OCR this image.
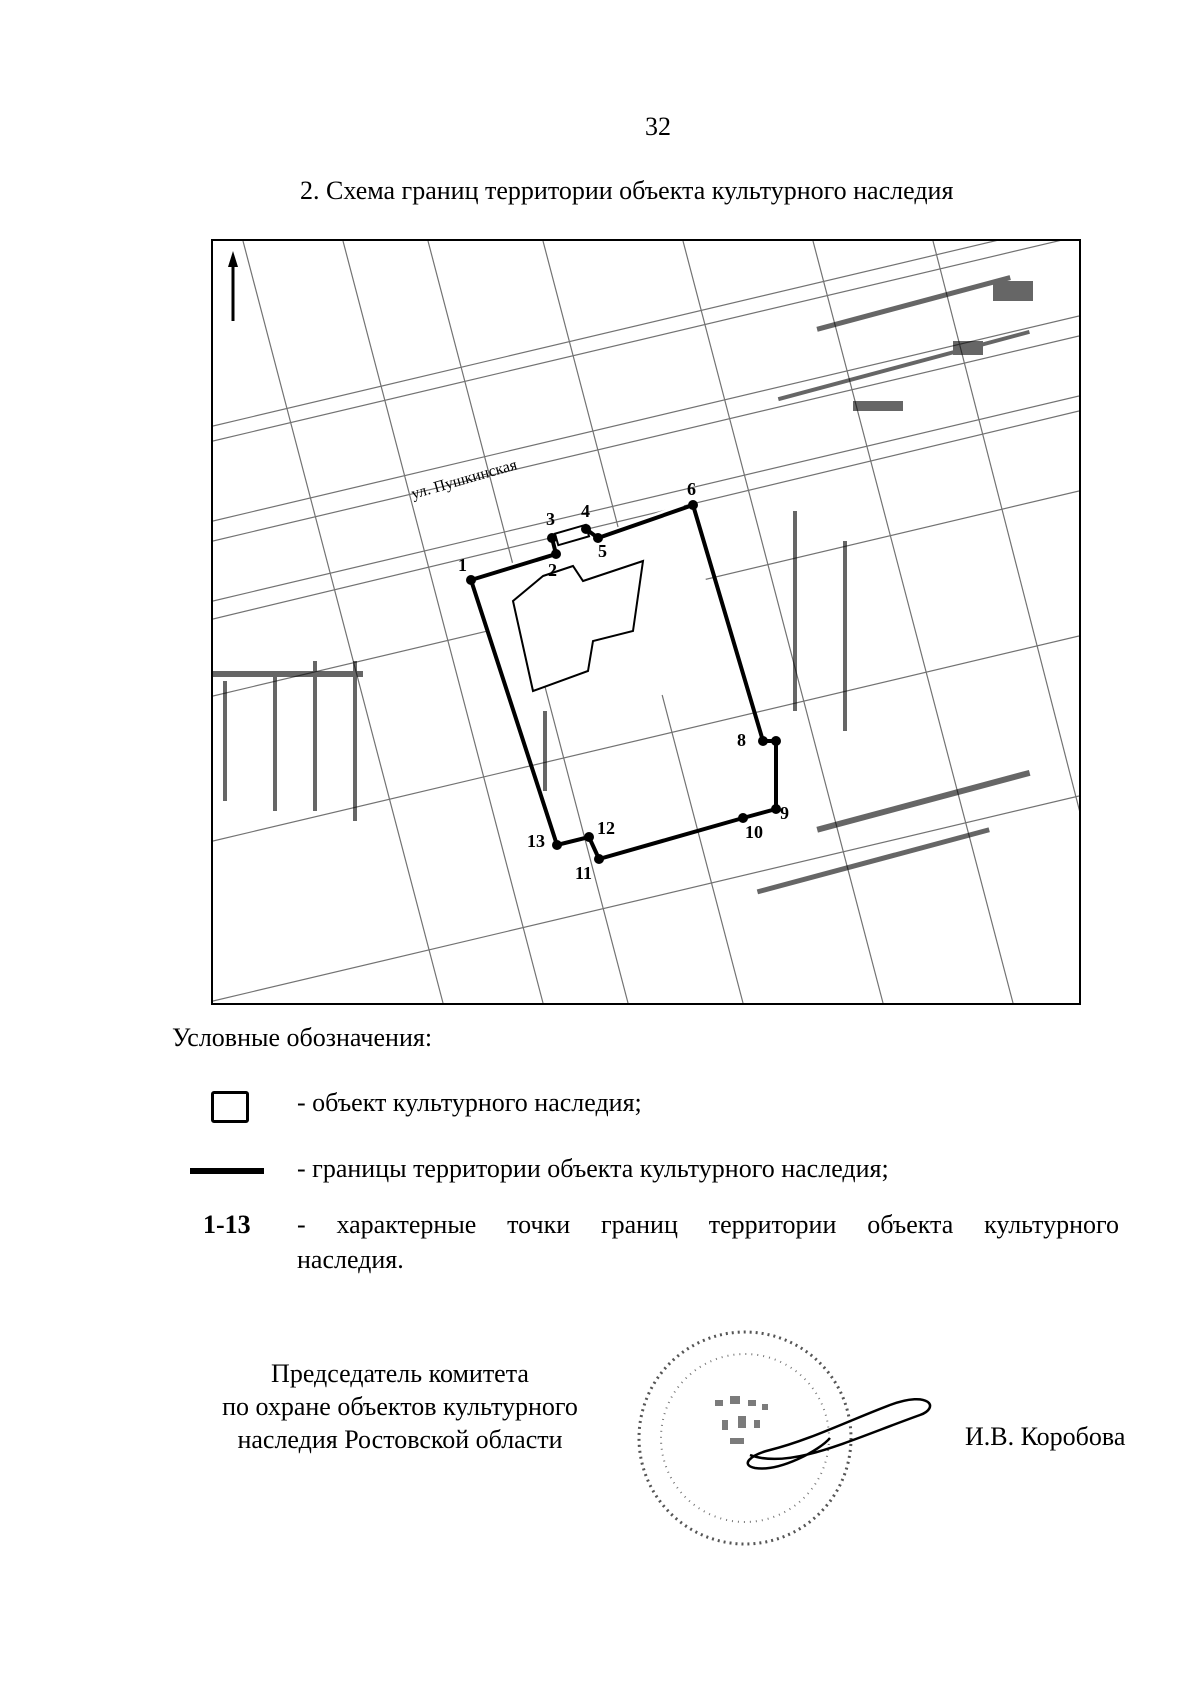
32
2. Схема границ территории объекта культурного наследия
ул. Пушкинская
1	2
3 4
5
6
8
9
10
11
12
13
Условные обозначения:
- объект культурного наследия;
- границы территории объекта культурного наследия;
1-13 - характерные точки границ территории объекта культурного
наследия.
Председатель комитета
по охране объектов культурного
наследия Ростовской области	И.В. Коробова
